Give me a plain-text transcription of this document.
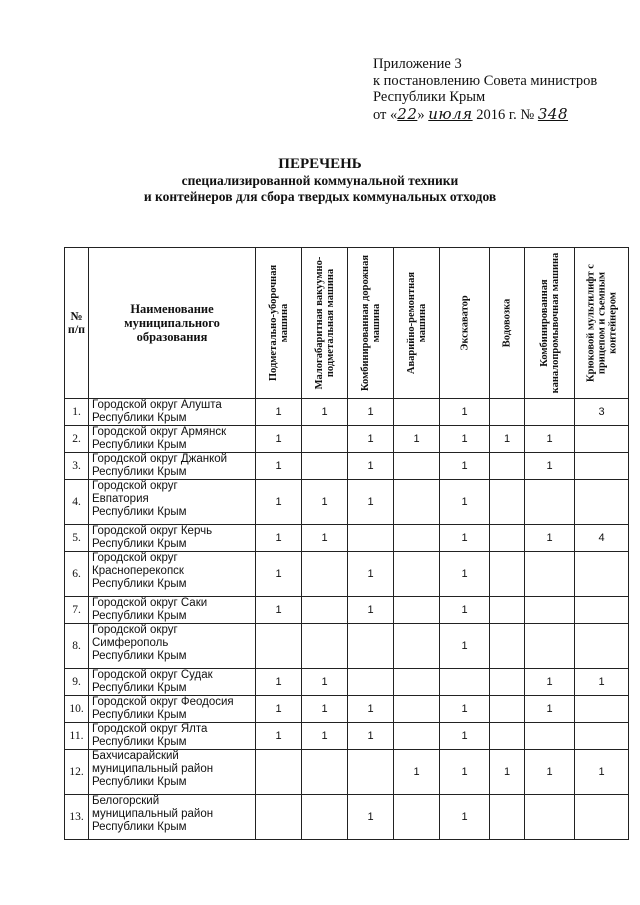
Приложение 3
к постановлению Совета министров
Республики Крым
от «22» июля 2016 г. № 348
ПЕРЕЧЕНЬ
специализированной коммунальной техники
и контейнеров для сбора твердых коммунальных отходов
№ п/п	Наименование муниципального образования	Подметально-уборочная машина	Малогабаритная вакуумно-подметальная машина	Комбинированная дорожная машина	Аварийно-ремонтная машина	Экскаватор	Водовозка	Комбинированная каналопромывочная машина	Крюковой мультилифт с прицепом и съемным контейнером

1.	Городской округ Алушта
Республики Крым	1	1	1		1			3
2.	Городской округ Армянск
Республики Крым	1		1	1	1	1	1	
3.	Городской округ Джанкой
Республики Крым	1		1		1		1	
4.	Городской округ
Евпатория
Республики Крым	1	1	1		1			
5.	Городской округ Керчь
Республики Крым	1	1			1		1	4
6.	Городской округ
Красноперекопск
Республики Крым	1		1		1			
7.	Городской округ Саки
Республики Крым	1		1		1			
8.	Городской округ
Симферополь
Республики Крым					1			
9.	Городской округ Судак
Республики Крым	1	1					1	1
10.	Городской округ Феодосия
Республики Крым	1	1	1		1		1	
11.	Городской округ Ялта
Республики Крым	1	1	1		1			
12.	Бахчисарайский
муниципальный район
Республики Крым				1	1	1	1	1
13.	Белогорский
муниципальный район
Республики Крым			1		1			
